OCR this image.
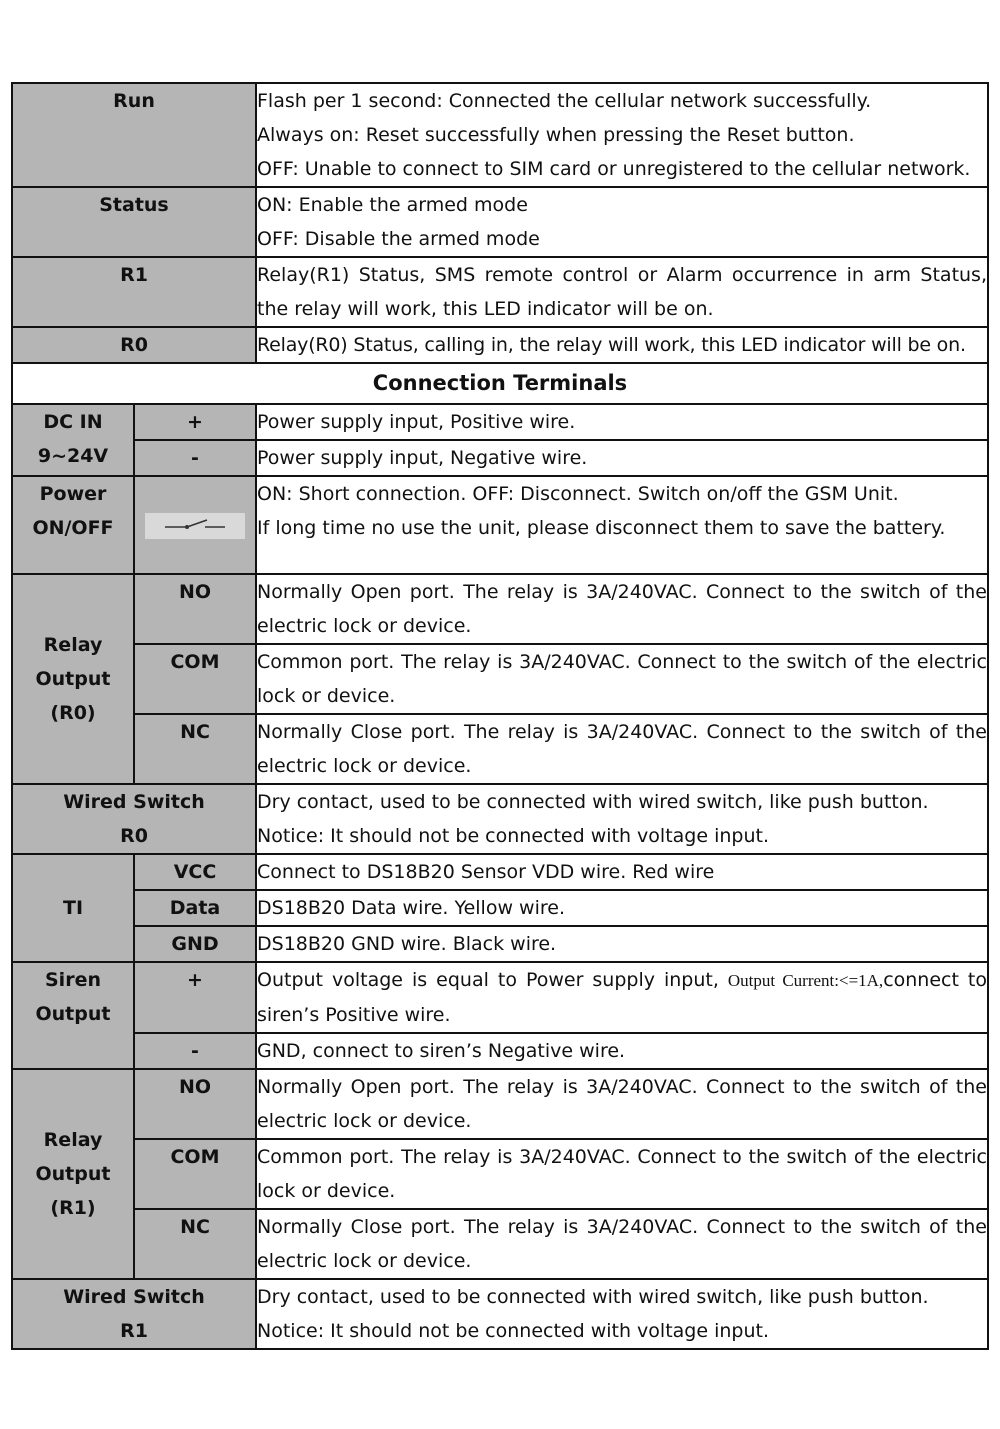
Run		Flash per 1 second: Connected the cellular network successfully.
Always on: Reset successfully when pressing the Reset button.
OFF: Unable to connect to SIM card or unregistered to the cellular network.

Status		ON: Enable the armed mode
OFF: Disable the armed mode

R1		Relay(R1) Status, SMS remote control or Alarm occurrence in arm Status, the relay will work, this LED indicator will be on.

R0		Relay(R0) Status, calling in, the relay will work, this LED indicator will be on.

Connection Terminals		

DC IN
9~24V	+	Power supply input, Positive wire.
	-	Power supply input, Negative wire.

Power
ON/OFF		ON: Short connection. OFF: Disconnect. Switch on/off the GSM Unit.
If long time no use the unit, please disconnect them to save the battery.

Relay
Output
(R0)	NO	Normally Open port. The relay is 3A/240VAC. Connect to the switch of the electric lock or device.
	COM	Common port. The relay is 3A/240VAC. Connect to the switch of the electric lock or device.
	NC	Normally Close port. The relay is 3A/240VAC. Connect to the switch of the electric lock or device.

Wired Switch
R0		Dry contact, used to be connected with wired switch, like push button.
Notice: It should not be connected with voltage input.

TI	VCC	Connect to DS18B20 Sensor VDD wire. Red wire
	Data	DS18B20 Data wire. Yellow wire.
	GND	DS18B20 GND wire. Black wire.

Siren
Output	+	Output voltage is equal to Power supply input, Output Current:<=1A,connect to siren’s Positive wire.
	-	GND, connect to siren’s Negative wire.

Relay
Output
(R1)	NO	Normally Open port. The relay is 3A/240VAC. Connect to the switch of the electric lock or device.
	COM	Common port. The relay is 3A/240VAC. Connect to the switch of the electric lock or device.
	NC	Normally Close port. The relay is 3A/240VAC. Connect to the switch of the electric lock or device.

Wired Switch
R1		Dry contact, used to be connected with wired switch, like push button.
Notice: It should not be connected with voltage input.
